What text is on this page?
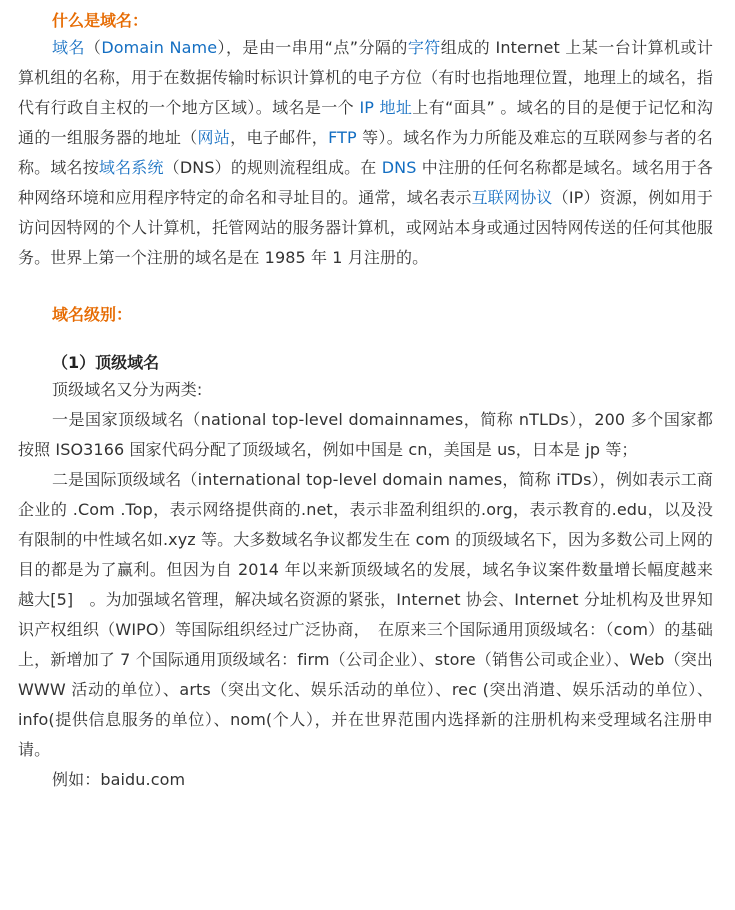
什么是域名：

域名（Domain Name），是由一串用“点”分隔的字符组成的 Internet 上某一台计算机或计算机组的名称，用于在数据传输时标识计算机的电子方位（有时也指地理位置，地理上的域名，指代有行政自主权的一个地方区域）。域名是一个 IP 地址上有“面具” 。域名的目的是便于记忆和沟通的一组服务器的地址（网站，电子邮件，FTP 等）。域名作为力所能及难忘的互联网参与者的名称。域名按域名系统（DNS）的规则流程组成。在 DNS 中注册的任何名称都是域名。域名用于各种网络环境和应用程序特定的命名和寻址目的。通常，域名表示互联网协议（IP）资源，例如用于访问因特网的个人计算机，托管网站的服务器计算机，或网站本身或通过因特网传送的任何其他服务。世界上第一个注册的域名是在 1985 年 1 月注册的。

域名级别：
（1）顶级域名

顶级域名又分为两类:

一是国家顶级域名（national top-level domainnames，简称 nTLDs），200 多个国家都按照 ISO3166 国家代码分配了顶级域名，例如中国是 cn，美国是 us，日本是 jp 等；

二是国际顶级域名（international top-level domain names，简称 iTDs），例如表示工商企业的 .Com .Top，表示网络提供商的.net，表示非盈利组织的.org，表示教育的.edu，以及没有限制的中性域名如.xyz 等。大多数域名争议都发生在 com 的顶级域名下，因为多数公司上网的目的都是为了赢利。但因为自 2014 年以来新顶级域名的发展，域名争议案件数量增长幅度越来越大[5]　。为加强域名管理，解决域名资源的紧张，Internet 协会、Internet 分址机构及世界知识产权组织（WIPO）等国际组织经过广泛协商，　在原来三个国际通用顶级域名：（com）的基础上，新增加了 7 个国际通用顶级域名：firm（公司企业）、store（销售公司或企业）、Web（突出 WWW 活动的单位）、arts（突出文化、娱乐活动的单位）、rec (突出消遣、娱乐活动的单位）、info(提供信息服务的单位）、nom(个人），并在世界范围内选择新的注册机构来受理域名注册申请。

例如：baidu.com
